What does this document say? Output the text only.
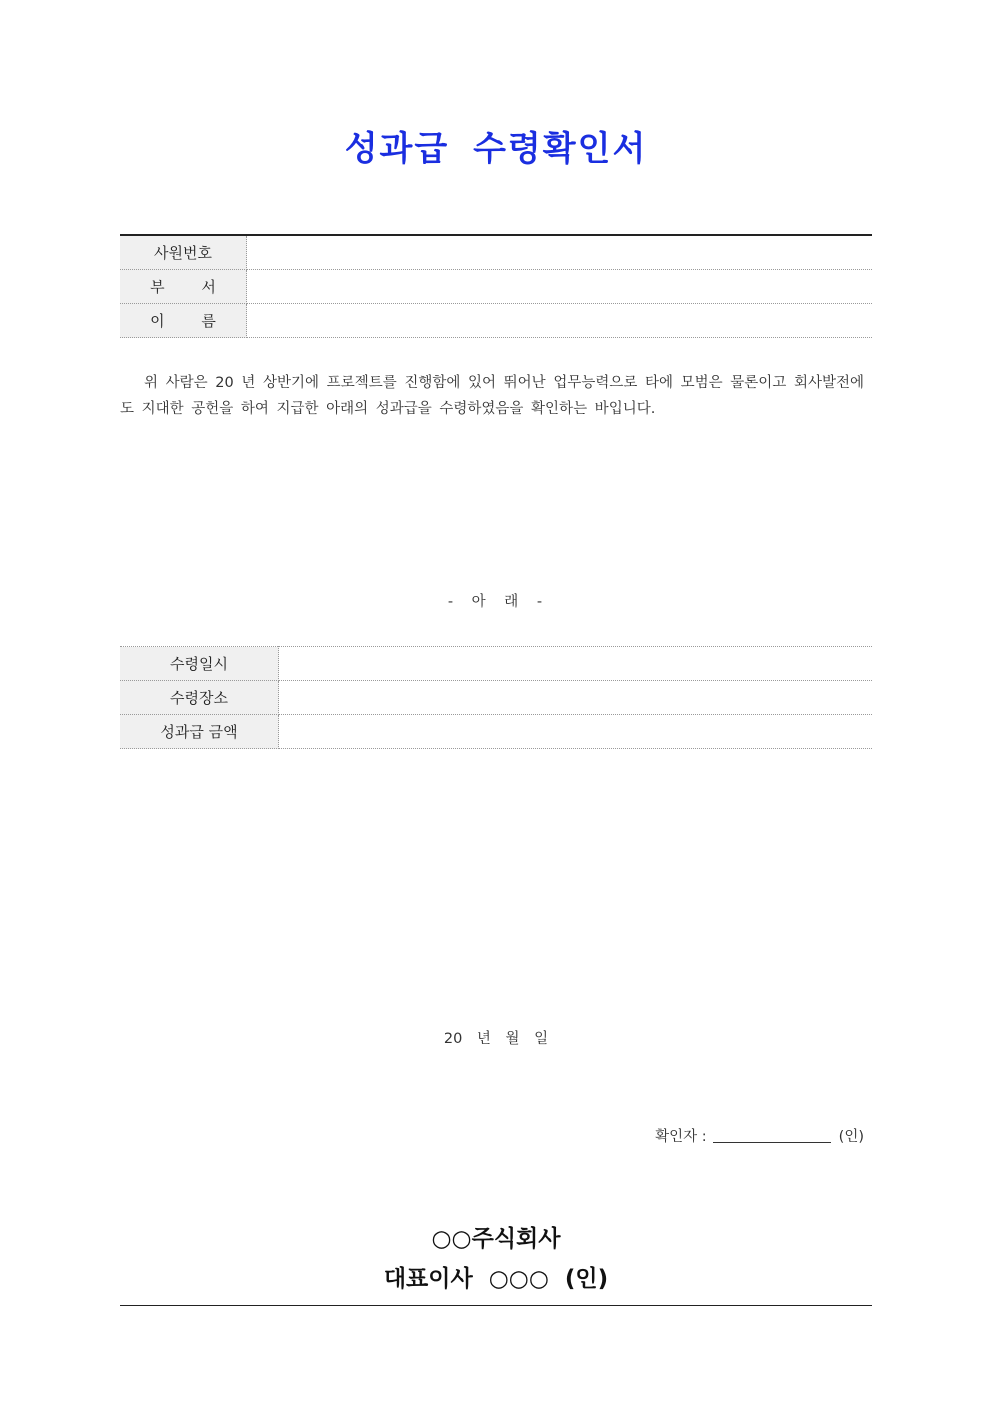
성과급 수령확인서
사원번호	
부 서	
이 름	
위 사람은 20 년 상반기에 프로젝트를 진행함에 있어 뛰어난 업무능력으로 타에 모범은 물론이고 회사발전에도 지대한 공헌을 하여 지급한 아래의 성과급을 수령하였음을 확인하는 바입니다.
- 아 래 -
수령일시	
수령장소	
성과급 금액	
20 년 월 일
확인자 :	(인)
○○주식회사
대표이사 ○○○ (인)
